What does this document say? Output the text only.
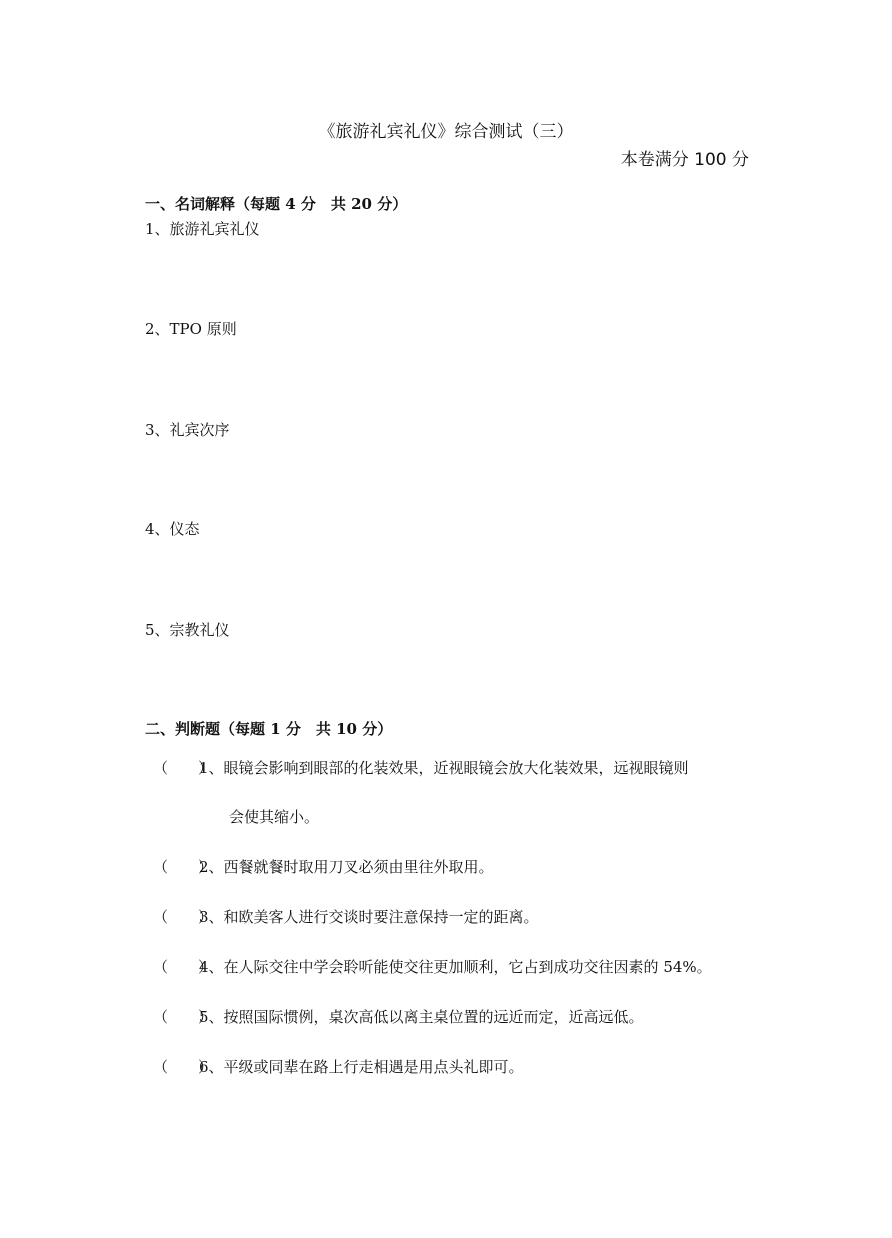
《旅游礼宾礼仪》综合测试（三）
本卷满分 100 分
一、名词解释（每题 4 分　共 20 分）
1、旅游礼宾礼仪
2、TPO 原则
3、礼宾次序
4、仪态
5、宗教礼仪
二、判断题（每题 1 分　共 10 分）
（　　）1、眼镜会影响到眼部的化装效果，近视眼镜会放大化装效果，远视眼镜则
会使其缩小。
（　　）2、西餐就餐时取用刀叉必须由里往外取用。
（　　）3、和欧美客人进行交谈时要注意保持一定的距离。
（　　）4、在人际交往中学会聆听能使交往更加顺利，它占到成功交往因素的 54%。
（　　）5、按照国际惯例，桌次高低以离主桌位置的远近而定，近高远低。
（　　）6、平级或同辈在路上行走相遇是用点头礼即可。
